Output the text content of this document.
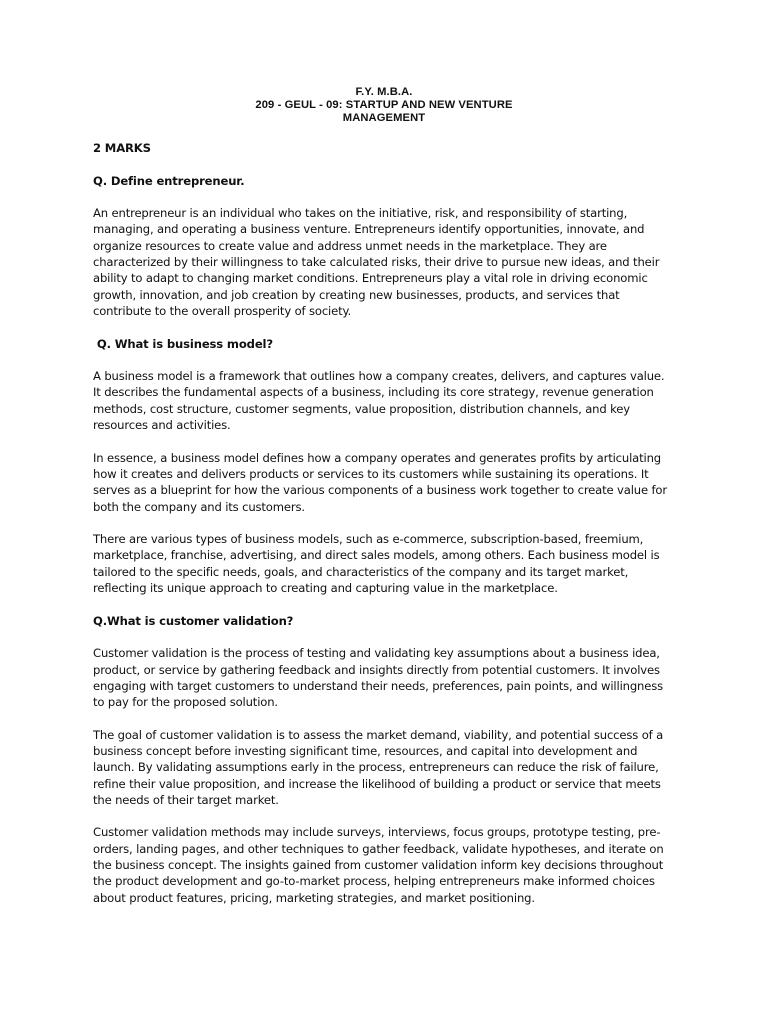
F.Y. M.B.A.
209 - GEUL - 09: STARTUP AND NEW VENTURE
MANAGEMENT

2 MARKS

Q. Define entrepreneur.

An entrepreneur is an individual who takes on the initiative, risk, and responsibility of starting,
managing, and operating a business venture. Entrepreneurs identify opportunities, innovate, and
organize resources to create value and address unmet needs in the marketplace. They are
characterized by their willingness to take calculated risks, their drive to pursue new ideas, and their
ability to adapt to changing market conditions. Entrepreneurs play a vital role in driving economic
growth, innovation, and job creation by creating new businesses, products, and services that
contribute to the overall prosperity of society.

Q. What is business model?

A business model is a framework that outlines how a company creates, delivers, and captures value.
It describes the fundamental aspects of a business, including its core strategy, revenue generation
methods, cost structure, customer segments, value proposition, distribution channels, and key
resources and activities.

In essence, a business model defines how a company operates and generates profits by articulating
how it creates and delivers products or services to its customers while sustaining its operations. It
serves as a blueprint for how the various components of a business work together to create value for
both the company and its customers.

There are various types of business models, such as e-commerce, subscription-based, freemium,
marketplace, franchise, advertising, and direct sales models, among others. Each business model is
tailored to the specific needs, goals, and characteristics of the company and its target market,
reflecting its unique approach to creating and capturing value in the marketplace.

Q.What is customer validation?

Customer validation is the process of testing and validating key assumptions about a business idea,
product, or service by gathering feedback and insights directly from potential customers. It involves
engaging with target customers to understand their needs, preferences, pain points, and willingness
to pay for the proposed solution.

The goal of customer validation is to assess the market demand, viability, and potential success of a
business concept before investing significant time, resources, and capital into development and
launch. By validating assumptions early in the process, entrepreneurs can reduce the risk of failure,
refine their value proposition, and increase the likelihood of building a product or service that meets
the needs of their target market.

Customer validation methods may include surveys, interviews, focus groups, prototype testing, pre-
orders, landing pages, and other techniques to gather feedback, validate hypotheses, and iterate on
the business concept. The insights gained from customer validation inform key decisions throughout
the product development and go-to-market process, helping entrepreneurs make informed choices
about product features, pricing, marketing strategies, and market positioning.
